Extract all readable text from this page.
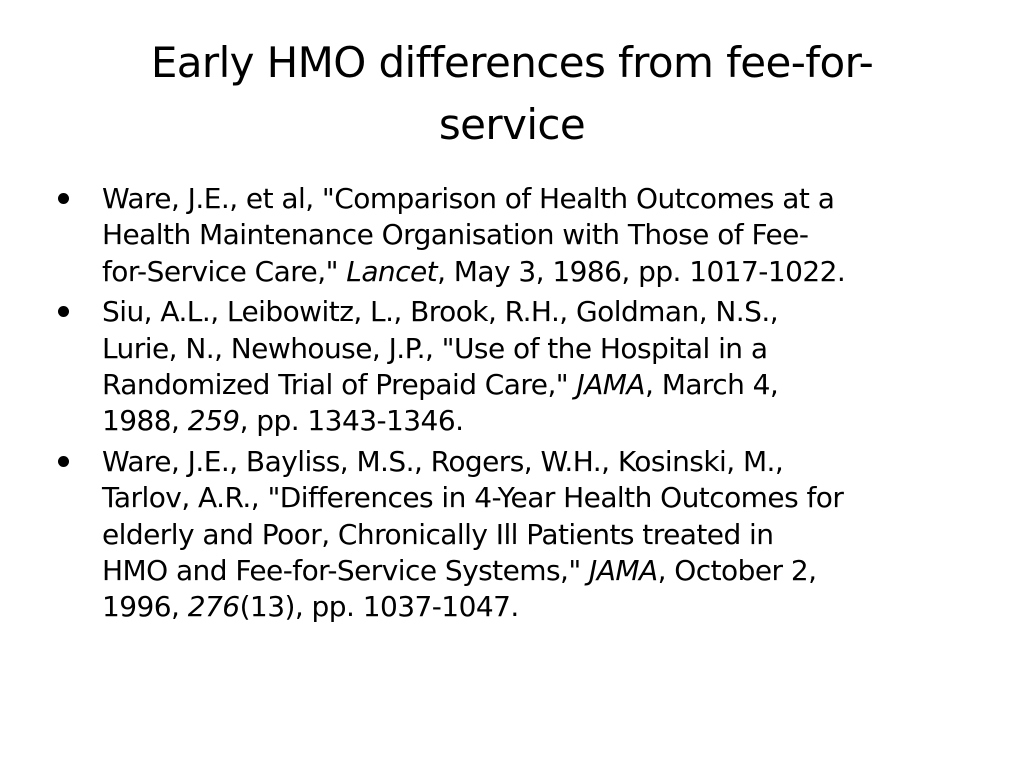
Early HMO differences from fee-for-
service
Ware, J.E., et al, "Comparison of Health Outcomes at a
Health Maintenance Organisation with Those of Fee-
for-Service Care," Lancet, May 3, 1986, pp. 1017-1022.
Siu, A.L., Leibowitz, L., Brook, R.H., Goldman, N.S.,
Lurie, N., Newhouse, J.P., "Use of the Hospital in a
Randomized Trial of Prepaid Care," JAMA, March 4,
1988, 259, pp. 1343-1346.
Ware, J.E., Bayliss, M.S., Rogers, W.H., Kosinski, M.,
Tarlov, A.R., "Differences in 4-Year Health Outcomes for
elderly and Poor, Chronically Ill Patients treated in
HMO and Fee-for-Service Systems," JAMA, October 2,
1996, 276(13), pp. 1037-1047.
